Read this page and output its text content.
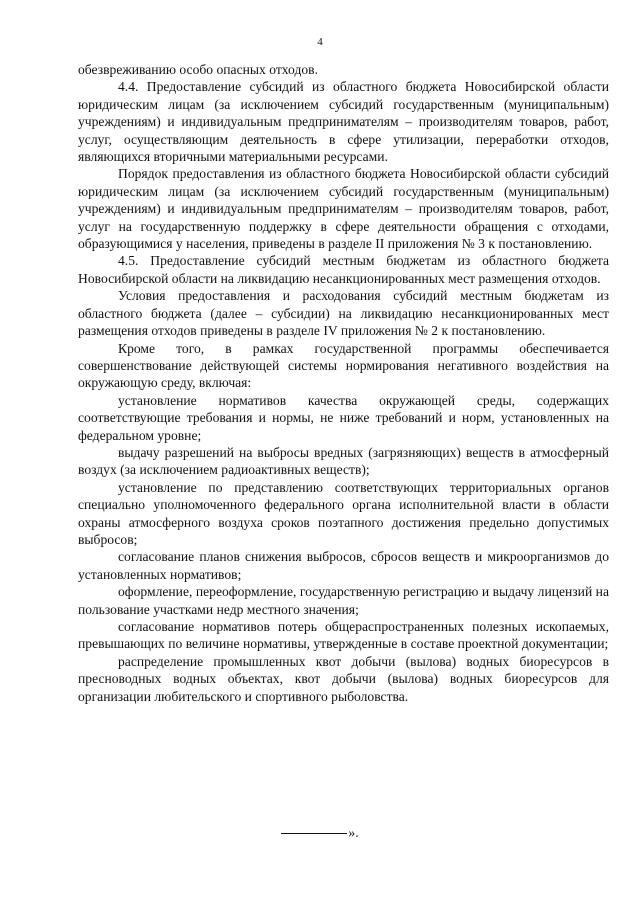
4

обезвреживанию особо опасных отходов.

4.4. Предоставление субсидий из областного бюджета Новосибирской области юридическим лицам (за исключением субсидий государственным (муниципальным) учреждениям) и индивидуальным предпринимателям – производителям товаров, работ, услуг, осуществляющим деятельность в сфере утилизации, переработки отходов, являющихся вторичными материальными ресурсами.

Порядок предоставления из областного бюджета Новосибирской области субсидий юридическим лицам (за исключением субсидий государственным (муниципальным) учреждениям) и индивидуальным предпринимателям – производителям товаров, работ, услуг на государственную поддержку в сфере деятельности обращения с отходами, образующимися у населения, приведены в разделе II приложения № 3 к постановлению.

4.5. Предоставление субсидий местным бюджетам из областного бюджета Новосибирской области на ликвидацию несанкционированных мест размещения отходов.

Условия предоставления и расходования субсидий местным бюджетам из областного бюджета (далее – субсидии) на ликвидацию несанкционированных мест размещения отходов приведены в разделе IV приложения № 2 к постановлению.

Кроме того, в рамках государственной программы обеспечивается совершенствование действующей системы нормирования негативного воздействия на окружающую среду, включая:

установление нормативов качества окружающей среды, содержащих соответствующие требования и нормы, не ниже требований и норм, установленных на федеральном уровне;

выдачу разрешений на выбросы вредных (загрязняющих) веществ в атмосферный воздух (за исключением радиоактивных веществ);

установление по представлению соответствующих территориальных органов специально уполномоченного федерального органа исполнительной власти в области охраны атмосферного воздуха сроков поэтапного достижения предельно допустимых выбросов;

согласование планов снижения выбросов, сбросов веществ и микроорганизмов до установленных нормативов;

оформление, переоформление, государственную регистрацию и выдачу лицензий на пользование участками недр местного значения;

согласование нормативов потерь общераспространенных полезных ископаемых, превышающих по величине нормативы, утвержденные в составе проектной документации;

распределение промышленных квот добычи (вылова) водных биоресурсов в пресноводных водных объектах, квот добычи (вылова) водных биоресурсов для организации любительского и спортивного рыболовства.

».
